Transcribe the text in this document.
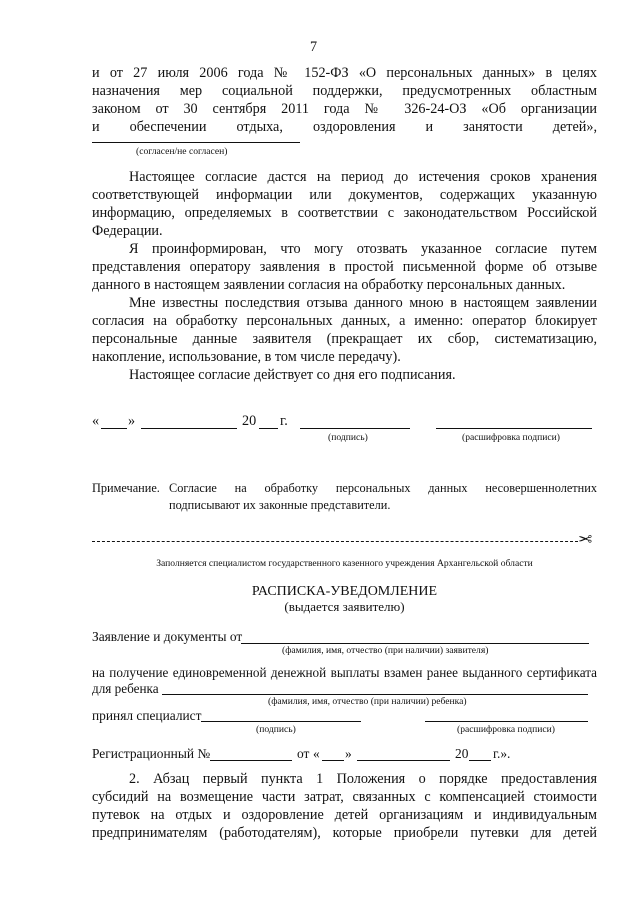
7
и от 27 июля 2006 года № 152-ФЗ «О персональных данных» в целях
назначения мер социальной поддержки, предусмотренных областным
законом от 30 сентября 2011 года № 326-24-ОЗ «Об организации
и обеспечении отдыха, оздоровления и занятости детей»,
(согласен/не согласен)
Настоящее согласие дастся на период до истечения сроков хранения
соответствующей информации или документов, содержащих указанную информацию, определяемых в соответствии с законодательством Российской Федерации.
Я проинформирован, что могу отозвать указанное согласие путем представления оператору заявления в простой письменной форме об отзыве данного в настоящем заявлении согласия на обработку персональных данных.
Мне известны последствия отзыва данного мною в настоящем заявлении согласия на обработку персональных данных, а именно: оператор блокирует персональные данные заявителя (прекращает их сбор, систематизацию, накопление, использование, в том числе передачу).
Настоящее согласие действует со дня его подписания.
« »	20 г.
(подпись)	(расшифровка подписи)
Примечание. Согласие на обработку персональных данных несовершеннолетних подписывают их законные представители.
✂
Заполняется специалистом государственного казенного учреждения Архангельской области
РАСПИСКА-УВЕДОМЛЕНИЕ
(выдается заявителю)
Заявление и документы от
(фамилия, имя, отчество (при наличии) заявителя)
на получение единовременной денежной выплаты взамен ранее выданного сертификата
для ребенка
(фамилия, имя, отчество (при наличии) ребенка)
принял специалист
(подпись)	(расшифровка подписи)
Регистрационный №	от « »	20 г.».
2. Абзац первый пункта 1 Положения о порядке предоставления
субсидий на возмещение части затрат, связанных с компенсацией стоимости путевок на отдых и оздоровление детей организациям и индивидуальным предпринимателям (работодателям), которые приобрели путевки для детей
